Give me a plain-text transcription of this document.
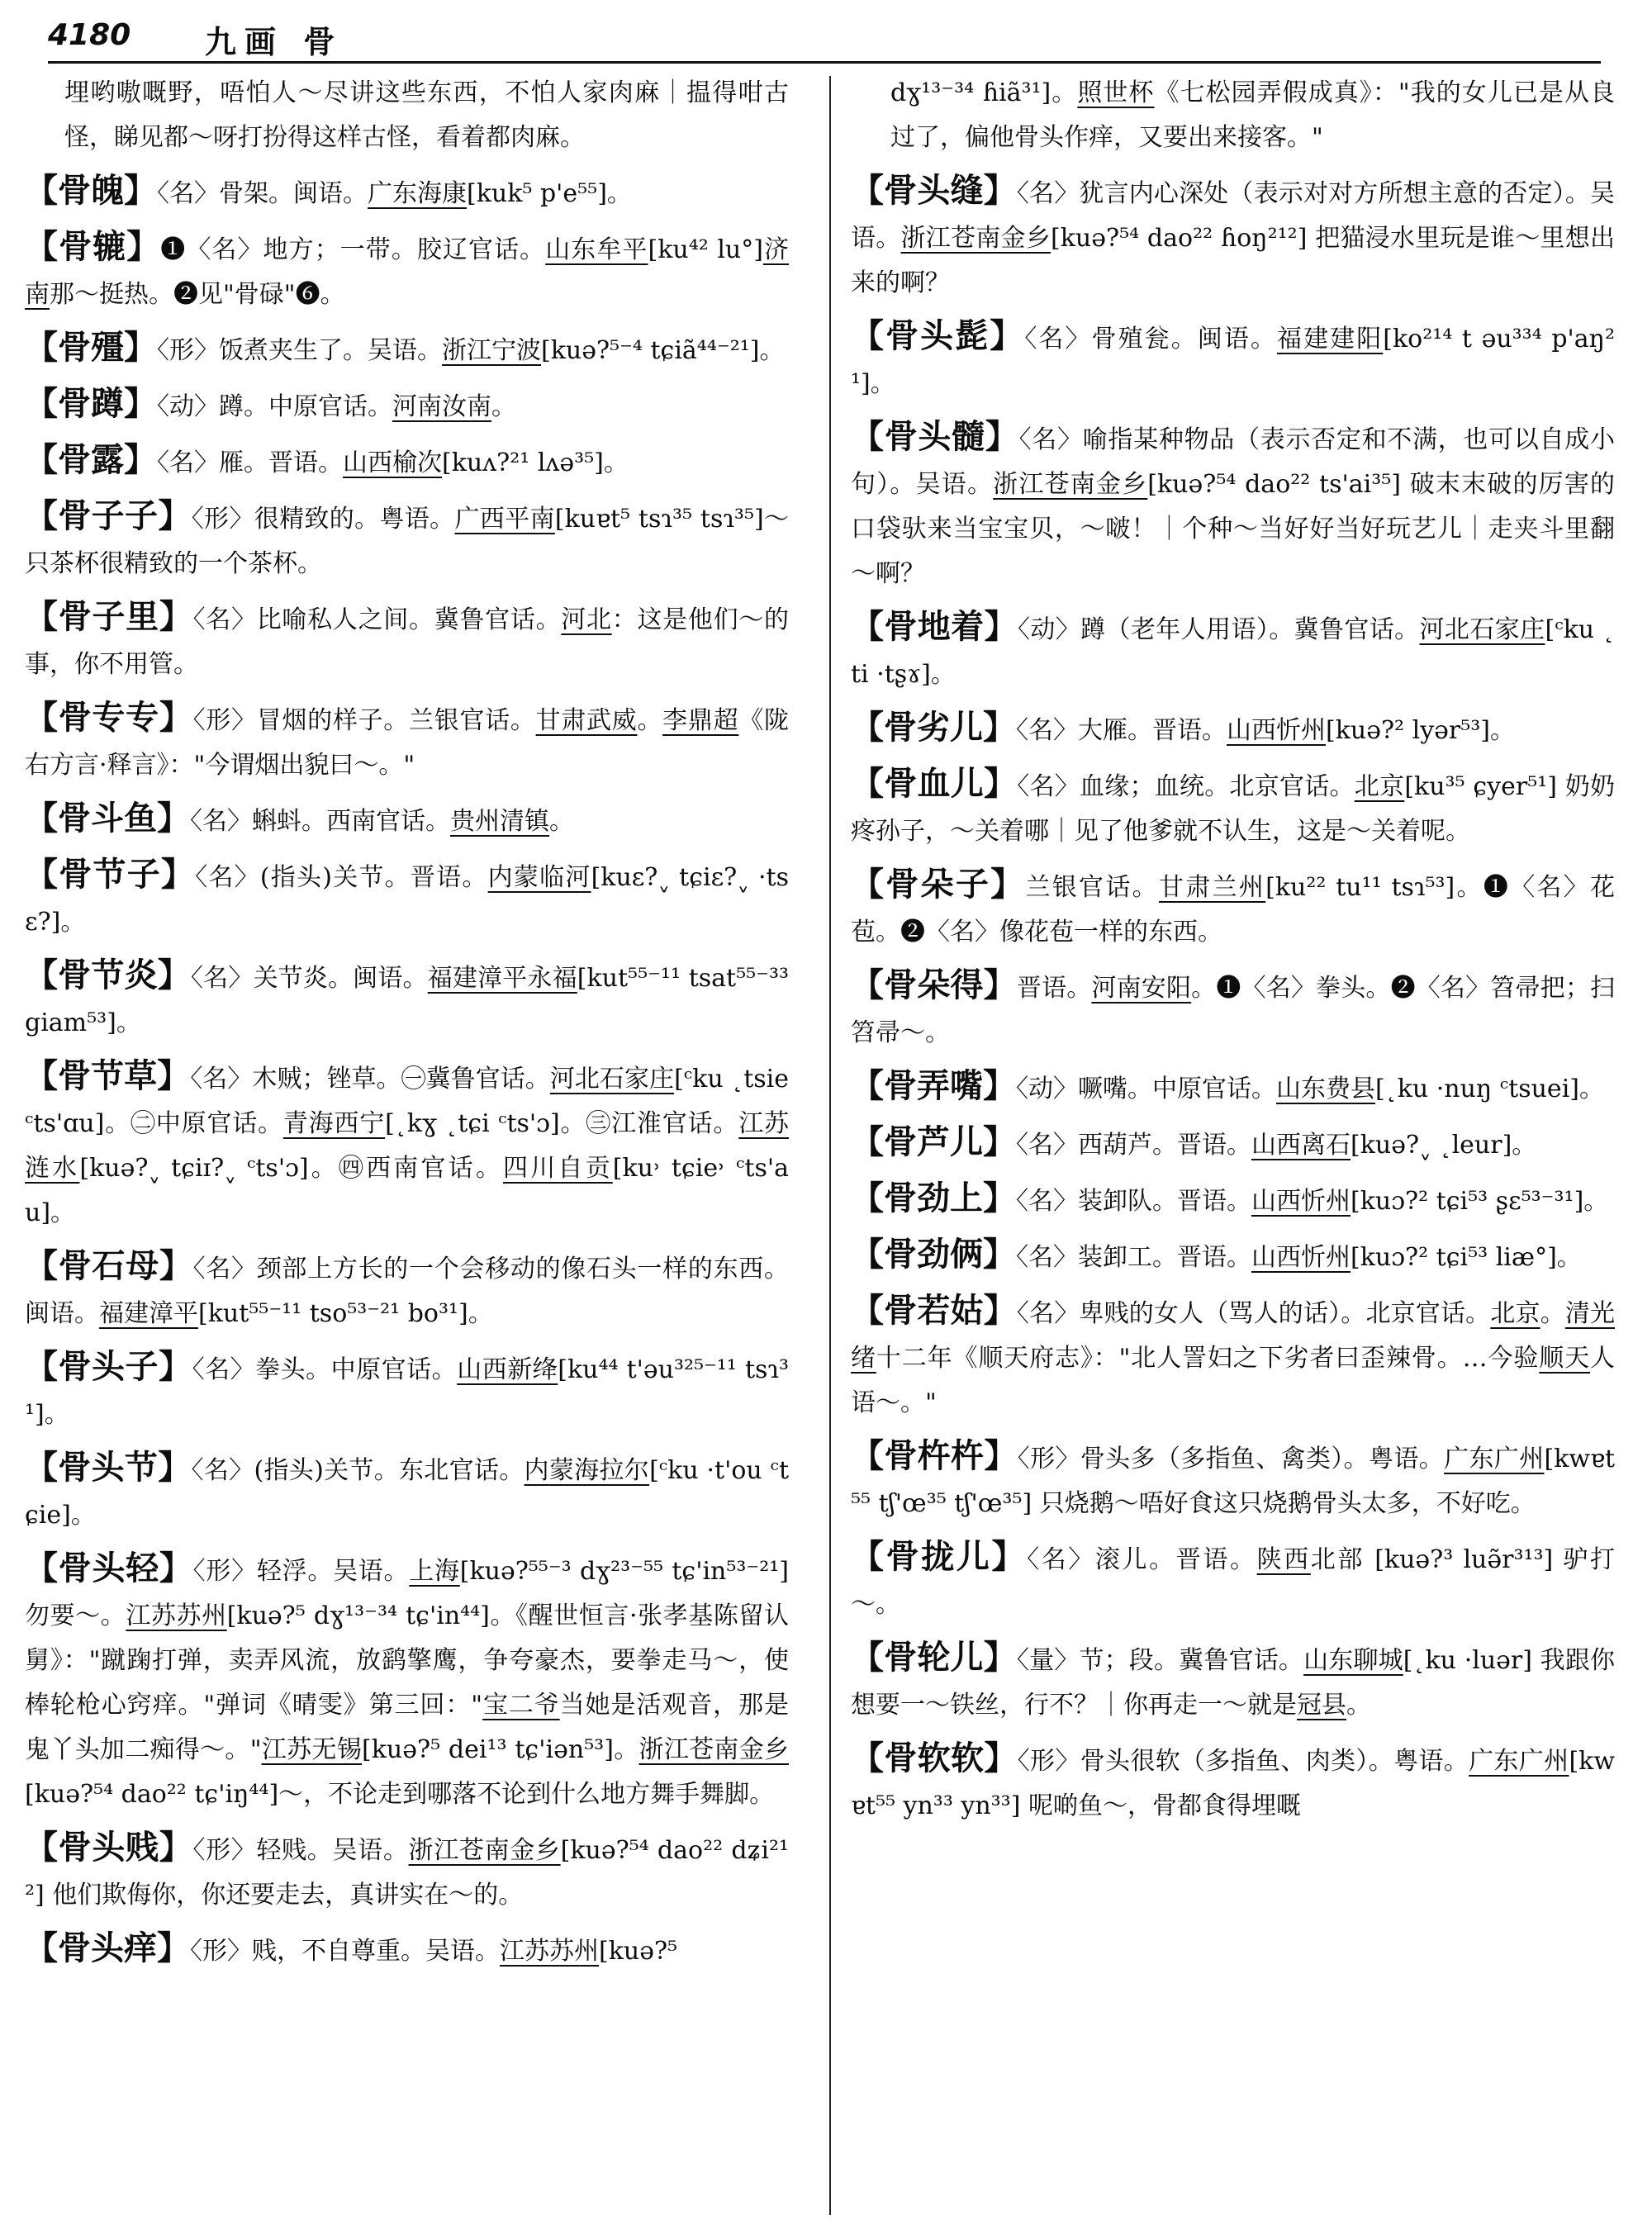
4180 九画 骨

埋哟嗷嘅野，唔怕人～尽讲这些东西，不怕人家肉麻｜揾得咁古怪，睇见都～呀打扮得这样古怪，看着都肉麻。

【骨魄】〈名〉骨架。闽语。广东海康[kuk⁵ p'e⁵⁵]。

【骨辘】❶〈名〉地方；一带。胶辽官话。山东牟平[ku⁴² lu°]济南那～挺热。❷见"骨碌"❻。

【骨殭】〈形〉饭煮夹生了。吴语。浙江宁波[kuə?⁵⁻⁴ tɕiã⁴⁴⁻²¹]。

【骨蹲】〈动〉蹲。中原官话。河南汝南。

【骨露】〈名〉雁。晋语。山西榆次[kuʌ?²¹ lʌə³⁵]。

【骨子子】〈形〉很精致的。粤语。广西平南[kuɐt⁵ tsɿ³⁵ tsɿ³⁵]～只茶杯很精致的一个茶杯。

【骨子里】〈名〉比喻私人之间。冀鲁官话。河北：这是他们～的事，你不用管。

【骨专专】〈形〉冒烟的样子。兰银官话。甘肃武威。李鼎超《陇右方言·释言》："今谓烟出貌曰～。"

【骨斗鱼】〈名〉蝌蚪。西南官话。贵州清镇。

【骨节子】〈名〉(指头)关节。晋语。内蒙临河[kuɛ?ˬ tɕiɛ?ˬ ·tsɛ?]。

【骨节炎】〈名〉关节炎。闽语。福建漳平永福[kut⁵⁵⁻¹¹ tsat⁵⁵⁻³³ giam⁵³]。

【骨节草】〈名〉木贼；锉草。㊀冀鲁官话。河北石家庄[ᶜku ˛tsie ᶜts'ɑu]。㊁中原官话。青海西宁[˛kɣ ˛tɕi ᶜts'ɔ]。㊂江淮官话。江苏涟水[kuə?ˬ tɕiɪ?ˬ ᶜts'ɔ]。㊃西南官话。四川自贡[ku˒ tɕie˒ ᶜts'au]。

【骨石母】〈名〉颈部上方长的一个会移动的像石头一样的东西。闽语。福建漳平[kut⁵⁵⁻¹¹ tso⁵³⁻²¹ bo³¹]。

【骨头子】〈名〉拳头。中原官话。山西新绛[ku⁴⁴ t'əu³²⁵⁻¹¹ tsɿ³¹]。

【骨头节】〈名〉(指头)关节。东北官话。内蒙海拉尔[ᶜku ·t'ou ᶜtɕie]。

【骨头轻】〈形〉轻浮。吴语。上海[kuə?⁵⁵⁻³ dɣ²³⁻⁵⁵ tɕ'in⁵³⁻²¹] 勿要～。江苏苏州[kuə?⁵ dɣ¹³⁻³⁴ tɕ'in⁴⁴]。《醒世恒言·张孝基陈留认舅》："蹴踘打弹，卖弄风流，放鹞擎鹰，争夸豪杰，要拳走马～，使棒轮枪心窍痒。"弹词《晴雯》第三回："宝二爷当她是活观音，那是鬼丫头加二痴得～。"江苏无锡[kuə?⁵ dei¹³ tɕ'iən⁵³]。浙江苍南金乡[kuə?⁵⁴ dao²² tɕ'iŋ⁴⁴]～，不论走到哪落不论到什么地方舞手舞脚。

【骨头贱】〈形〉轻贱。吴语。浙江苍南金乡[kuə?⁵⁴ dao²² dʑi²¹²] 他们欺侮你，你还要走去，真讲实在～的。

【骨头痒】〈形〉贱，不自尊重。吴语。江苏苏州[kuə?⁵

dɣ¹³⁻³⁴ ɦiã³¹]。照世杯《七松园弄假成真》："我的女儿已是从良过了，偏他骨头作痒，又要出来接客。"

【骨头缝】〈名〉犹言内心深处（表示对对方所想主意的否定）。吴语。浙江苍南金乡[kuə?⁵⁴ dao²² ɦoŋ²¹²] 把猫浸水里玩是谁～里想出来的啊？

【骨头髭】〈名〉骨殖瓮。闽语。福建建阳[ko²¹⁴ t əu³³⁴ p'aŋ²¹]。

【骨头髓】〈名〉喻指某种物品（表示否定和不满，也可以自成小句）。吴语。浙江苍南金乡[kuə?⁵⁴ dao²² ts'ai³⁵] 破末末破的厉害的口袋驮来当宝宝贝，～啵！｜个种～当好好当好玩艺儿｜走夹斗里翻～啊？

【骨地着】〈动〉蹲（老年人用语）。冀鲁官话。河北石家庄[ᶜku ˛ti ·tʂɤ]。

【骨劣儿】〈名〉大雁。晋语。山西忻州[kuə?² lyər⁵³]。

【骨血儿】〈名〉血缘；血统。北京官话。北京[ku³⁵ ɕyer⁵¹] 奶奶疼孙子，～关着哪｜见了他爹就不认生，这是～关着呢。

【骨朵子】兰银官话。甘肃兰州[ku²² tu¹¹ tsɿ⁵³]。❶〈名〉花苞。❷〈名〉像花苞一样的东西。

【骨朵得】晋语。河南安阳。❶〈名〉拳头。❷〈名〉笤帚把；扫笤帚～。

【骨弄嘴】〈动〉噘嘴。中原官话。山东费县[˛ku ·nuŋ ᶜtsuei]。

【骨芦儿】〈名〉西葫芦。晋语。山西离石[kuə?ˬ ˛leur]。

【骨劲上】〈名〉装卸队。晋语。山西忻州[kuɔ?² tɕi⁵³ ʂɛ⁵³⁻³¹]。

【骨劲俩】〈名〉装卸工。晋语。山西忻州[kuɔ?² tɕi⁵³ liæ°]。

【骨若姑】〈名〉卑贱的女人（骂人的话）。北京官话。北京。清光绪十二年《顺天府志》："北人詈妇之下劣者曰歪辣骨。…今验顺天人语～。"

【骨杵杵】〈形〉骨头多（多指鱼、禽类）。粤语。广东广州[kwɐt⁵⁵ tʃ'œ³⁵ tʃ'œ³⁵] 只烧鹅～唔好食这只烧鹅骨头太多，不好吃。

【骨拢儿】〈名〉滚儿。晋语。陕西北部 [kuə?³ luə̃r³¹³] 驴打～。

【骨轮儿】〈量〉节；段。冀鲁官话。山东聊城[˛ku ·luər] 我跟你想要一～铁丝，行不？｜你再走一～就是冠县。

【骨软软】〈形〉骨头很软（多指鱼、肉类）。粤语。广东广州[kwɐt⁵⁵ yn³³ yn³³] 呢啲鱼～，骨都食得埋嘅
